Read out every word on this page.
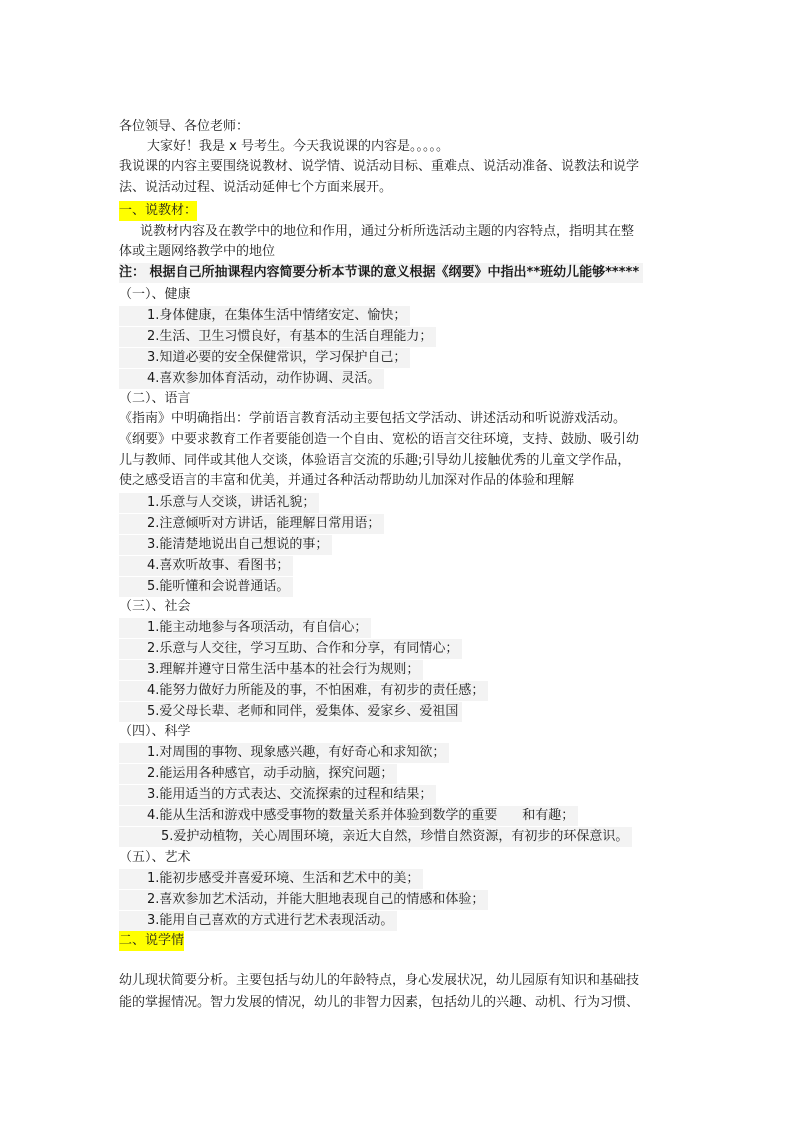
各位领导、各位老师：
大家好！我是 x 号考生。今天我说课的内容是。。。。。
我说课的内容主要围绕说教材、说学情、说活动目标、重难点、说活动准备、说教法和说学
法、说活动过程、说活动延伸七个方面来展开。
一、说教材：
说教材内容及在教学中的地位和作用，通过分析所选活动主题的内容特点，指明其在整
体或主题网络教学中的地位
注： 根据自己所抽课程内容简要分析本节课的意义根据《纲要》中指出**班幼儿能够*****
（一）、健康
1.身体健康，在集体生活中情绪安定、愉快；
2.生活、卫生习惯良好，有基本的生活自理能力；
3.知道必要的安全保健常识，学习保护自己；
4.喜欢参加体育活动，动作协调、灵活。
（二）、语言
《指南》中明确指出：学前语言教育活动主要包括文学活动、讲述活动和听说游戏活动。
《纲要》中要求教育工作者要能创造一个自由、宽松的语言交往环境，支持、鼓励、吸引幼
儿与教师、同伴或其他人交谈，体验语言交流的乐趣;引导幼儿接触优秀的儿童文学作品，
使之感受语言的丰富和优美，并通过各种活动帮助幼儿加深对作品的体验和理解
1.乐意与人交谈，讲话礼貌；
2.注意倾听对方讲话，能理解日常用语；
3.能清楚地说出自己想说的事；
4.喜欢听故事、看图书；
5.能听懂和会说普通话。
（三）、社会
1.能主动地参与各项活动，有自信心；
2.乐意与人交往，学习互助、合作和分享，有同情心；
3.理解并遵守日常生活中基本的社会行为规则；
4.能努力做好力所能及的事，不怕困难，有初步的责任感；
5.爱父母长辈、老师和同伴，爱集体、爱家乡、爱祖国
（四）、科学
1.对周围的事物、现象感兴趣，有好奇心和求知欲；
2.能运用各种感官，动手动脑，探究问题；
3.能用适当的方式表达、交流探索的过程和结果；
4.能从生活和游戏中感受事物的数量关系并体验到数学的重要      和有趣；
5.爱护动植物，关心周围环境，亲近大自然，珍惜自然资源，有初步的环保意识。
（五）、艺术
1.能初步感受并喜爱环境、生活和艺术中的美；
2.喜欢参加艺术活动，并能大胆地表现自己的情感和体验；
3.能用自己喜欢的方式进行艺术表现活动。
二、说学情
幼儿现状简要分析。主要包括与幼儿的年龄特点，身心发展状况，幼儿园原有知识和基础技
能的掌握情况。智力发展的情况，幼儿的非智力因素，包括幼儿的兴趣、动机、行为习惯、
